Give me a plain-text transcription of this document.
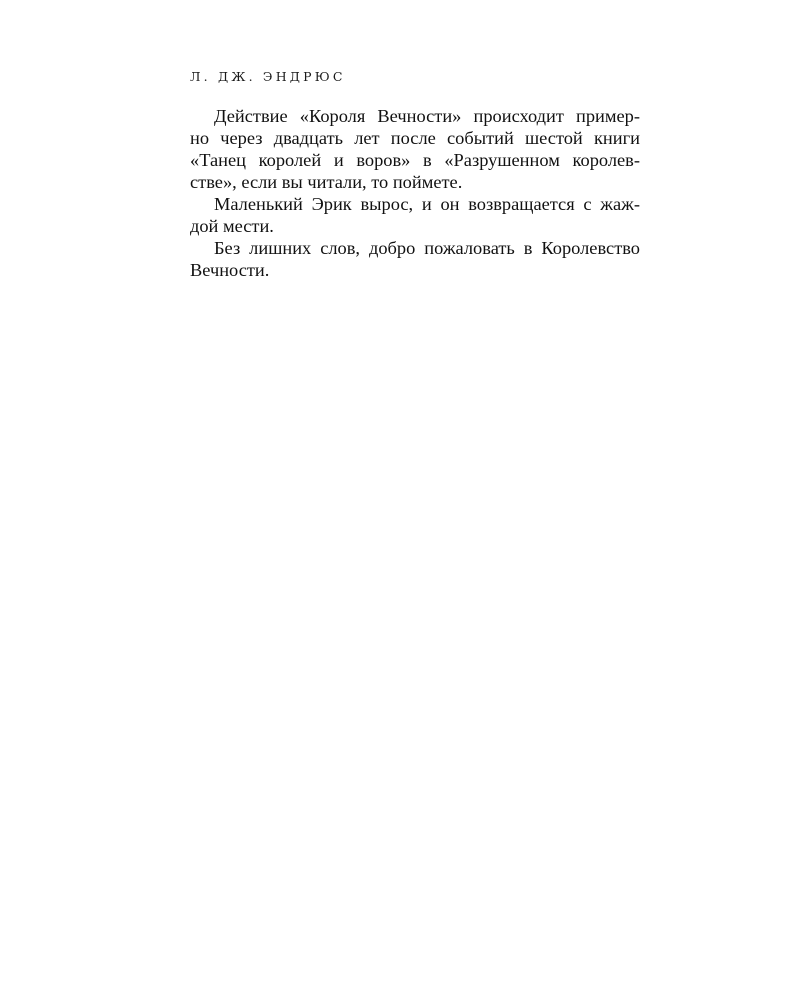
Л. ДЖ. ЭНДРЮС
Действие «Короля Вечности» происходит пример-
но через двадцать лет после событий шестой книги
«Танец королей и воров» в «Разрушенном королев-
стве», если вы читали, то поймете.
Маленький Эрик вырос, и он возвращается с жаж-
дой мести.
Без лишних слов, добро пожаловать в Королевство
Вечности.
